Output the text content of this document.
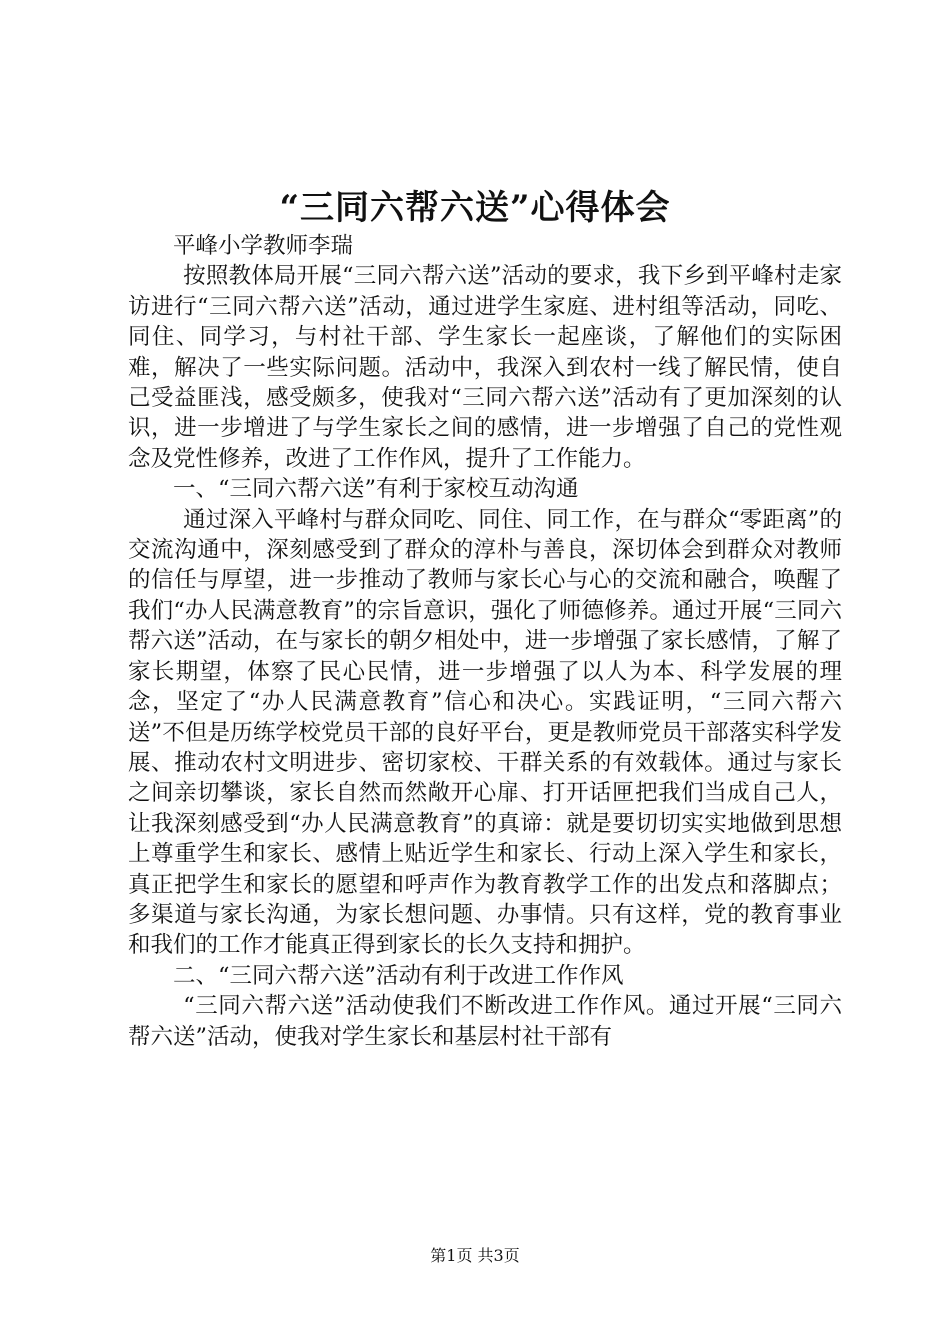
“三同六帮六送”心得体会

平峰小学教师李瑞

按照教体局开展“三同六帮六送”活动的要求，我下乡到平峰村走家访进行“三同六帮六送”活动，通过进学生家庭、进村组等活动，同吃、同住、同学习，与村社干部、学生家长一起座谈，了解他们的实际困难，解决了一些实际问题。活动中，我深入到农村一线了解民情，使自己受益匪浅，感受颇多，使我对“三同六帮六送”活动有了更加深刻的认识，进一步增进了与学生家长之间的感情，进一步增强了自己的党性观念及党性修养，改进了工作作风，提升了工作能力。

一、“三同六帮六送”有利于家校互动沟通

通过深入平峰村与群众同吃、同住、同工作，在与群众“零距离”的交流沟通中，深刻感受到了群众的淳朴与善良，深切体会到群众对教师的信任与厚望，进一步推动了教师与家长心与心的交流和融合，唤醒了我们“办人民满意教育”的宗旨意识，强化了师德修养。通过开展“三同六帮六送”活动，在与家长的朝夕相处中，进一步增强了家长感情，了解了家长期望，体察了民心民情，进一步增强了以人为本、科学发展的理念，坚定了“办人民满意教育”信心和决心。实践证明，“三同六帮六送”不但是历练学校党员干部的良好平台，更是教师党员干部落实科学发展、推动农村文明进步、密切家校、干群关系的有效载体。通过与家长之间亲切攀谈，家长自然而然敞开心扉、打开话匣把我们当成自己人，让我深刻感受到“办人民满意教育”的真谛：就是要切切实实地做到思想上尊重学生和家长、感情上贴近学生和家长、行动上深入学生和家长，真正把学生和家长的愿望和呼声作为教育教学工作的出发点和落脚点；多渠道与家长沟通，为家长想问题、办事情。只有这样，党的教育事业和我们的工作才能真正得到家长的长久支持和拥护。

二、“三同六帮六送”活动有利于改进工作作风

“三同六帮六送”活动使我们不断改进工作作风。通过开展“三同六帮六送”活动，使我对学生家长和基层村社干部有

第1页 共3页
